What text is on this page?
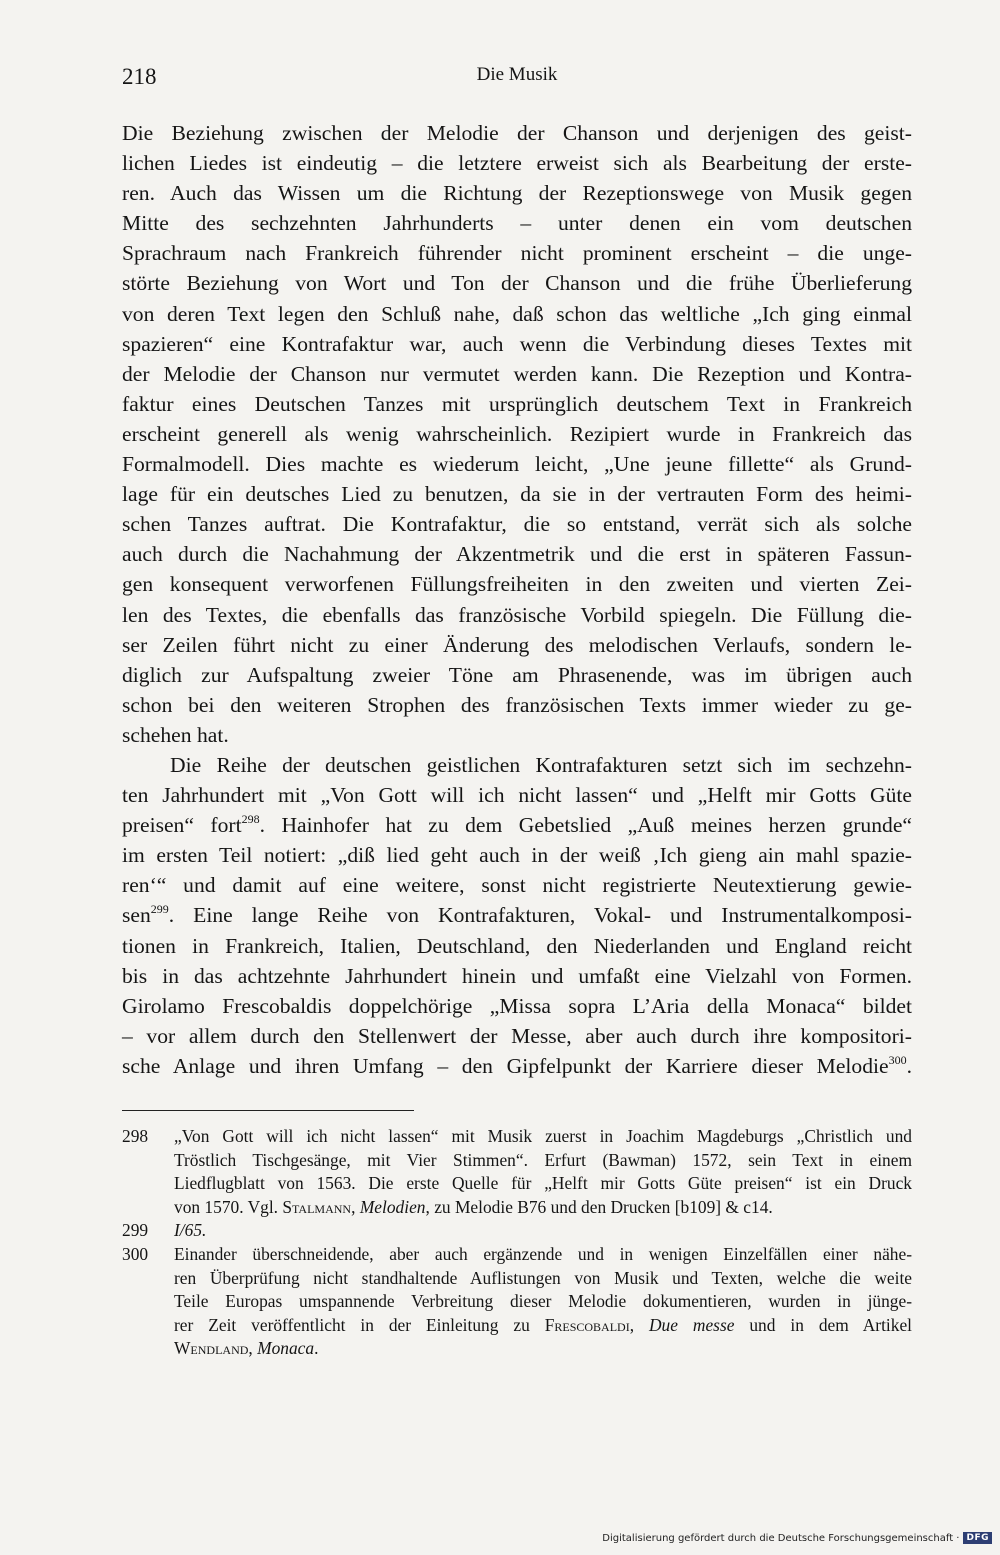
218	Die Musik
Die Beziehung zwischen der Melodie der Chanson und derjenigen des geist-
lichen Liedes ist eindeutig – die letztere erweist sich als Bearbeitung der erste-
ren. Auch das Wissen um die Richtung der Rezeptionswege von Musik gegen
Mitte des sechzehnten Jahrhunderts – unter denen ein vom deutschen
Sprachraum nach Frankreich führender nicht prominent erscheint – die unge-
störte Beziehung von Wort und Ton der Chanson und die frühe Überlieferung
von deren Text legen den Schluß nahe, daß schon das weltliche „Ich ging einmal
spazieren“ eine Kontrafaktur war, auch wenn die Verbindung dieses Textes mit
der Melodie der Chanson nur vermutet werden kann. Die Rezeption und Kontra-
faktur eines Deutschen Tanzes mit ursprünglich deutschem Text in Frankreich
erscheint generell als wenig wahrscheinlich. Rezipiert wurde in Frankreich das
Formalmodell. Dies machte es wiederum leicht, „Une jeune fillette“ als Grund-
lage für ein deutsches Lied zu benutzen, da sie in der vertrauten Form des heimi-
schen Tanzes auftrat. Die Kontrafaktur, die so entstand, verrät sich als solche
auch durch die Nachahmung der Akzentmetrik und die erst in späteren Fassun-
gen konsequent verworfenen Füllungsfreiheiten in den zweiten und vierten Zei-
len des Textes, die ebenfalls das französische Vorbild spiegeln. Die Füllung die-
ser Zeilen führt nicht zu einer Änderung des melodischen Verlaufs, sondern le-
diglich zur Aufspaltung zweier Töne am Phrasenende, was im übrigen auch
schon bei den weiteren Strophen des französischen Texts immer wieder zu ge-
schehen hat.
Die Reihe der deutschen geistlichen Kontrafakturen setzt sich im sechzehn-
ten Jahrhundert mit „Von Gott will ich nicht lassen“ und „Helft mir Gotts Güte
preisen“ fort$^{298}$. Hainhofer hat zu dem Gebetslied „Auß meines herzen grunde“
im ersten Teil notiert: „diß lied geht auch in der weiß ‚Ich gieng ain mahl spazie-
ren‘“ und damit auf eine weitere, sonst nicht registrierte Neutextierung gewie-
sen$^{299}$. Eine lange Reihe von Kontrafakturen, Vokal- und Instrumentalkomposi-
tionen in Frankreich, Italien, Deutschland, den Niederlanden und England reicht
bis in das achtzehnte Jahrhundert hinein und umfaßt eine Vielzahl von Formen.
Girolamo Frescobaldis doppelchörige „Missa sopra L’Aria della Monaca“ bildet
– vor allem durch den Stellenwert der Messe, aber auch durch ihre kompositori-
sche Anlage und ihren Umfang – den Gipfelpunkt der Karriere dieser Melodie$^{300}$.
298	„Von Gott will ich nicht lassen“ mit Musik zuerst in Joachim Magdeburgs „Christlich und
Tröstlich Tischgesänge, mit Vier Stimmen“. Erfurt (Bawman) 1572, sein Text in einem
Liedflugblatt von 1563. Die erste Quelle für „Helft mir Gotts Güte preisen“ ist ein Druck
von 1570. Vgl. Stalmann, Melodien, zu Melodie B76 und den Drucken [b109] & c14.
299	I/65.
300	Einander überschneidende, aber auch ergänzende und in wenigen Einzelfällen einer nähe-
ren Überprüfung nicht standhaltende Auflistungen von Musik und Texten, welche die weite
Teile Europas umspannende Verbreitung dieser Melodie dokumentieren, wurden in jünge-
rer Zeit veröffentlicht in der Einleitung zu Frescobaldi, Due messe und in dem Artikel
Wendland, Monaca.
Digitalisierung gefördert durch die Deutsche Forschungsgemeinschaft · DFG
